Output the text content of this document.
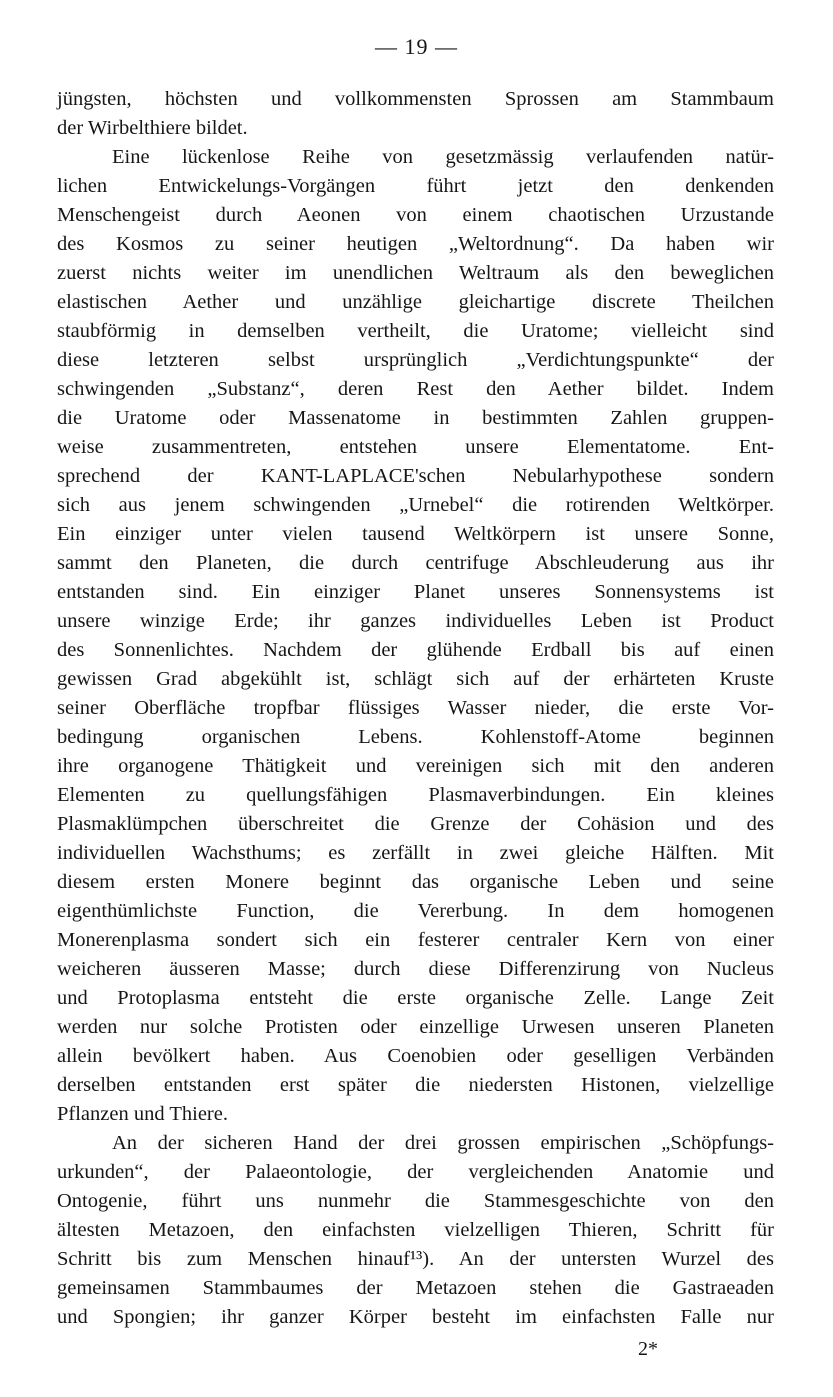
— 19 —
jüngsten, höchsten und vollkommensten Sprossen am Stammbaum
der Wirbelthiere bildet.
Eine lückenlose Reihe von gesetzmässig verlaufenden natür-
lichen Entwickelungs-Vorgängen führt jetzt den denkenden
Menschengeist durch Aeonen von einem chaotischen Urzustande
des Kosmos zu seiner heutigen „Weltordnung“. Da haben wir
zuerst nichts weiter im unendlichen Weltraum als den beweglichen
elastischen Aether und unzählige gleichartige discrete Theilchen
staubförmig in demselben vertheilt, die Uratome; vielleicht sind
diese letzteren selbst ursprünglich „Verdichtungspunkte“ der
schwingenden „Substanz“, deren Rest den Aether bildet. Indem
die Uratome oder Massenatome in bestimmten Zahlen gruppen-
weise zusammentreten, entstehen unsere Elementatome. Ent-
sprechend der KANT-LAPLACE'schen Nebularhypothese sondern
sich aus jenem schwingenden „Urnebel“ die rotirenden Weltkörper.
Ein einziger unter vielen tausend Weltkörpern ist unsere Sonne,
sammt den Planeten, die durch centrifuge Abschleuderung aus ihr
entstanden sind. Ein einziger Planet unseres Sonnensystems ist
unsere winzige Erde; ihr ganzes individuelles Leben ist Product
des Sonnenlichtes. Nachdem der glühende Erdball bis auf einen
gewissen Grad abgekühlt ist, schlägt sich auf der erhärteten Kruste
seiner Oberfläche tropfbar flüssiges Wasser nieder, die erste Vor-
bedingung organischen Lebens. Kohlenstoff-Atome beginnen
ihre organogene Thätigkeit und vereinigen sich mit den anderen
Elementen zu quellungsfähigen Plasmaverbindungen. Ein kleines
Plasmaklümpchen überschreitet die Grenze der Cohäsion und des
individuellen Wachsthums; es zerfällt in zwei gleiche Hälften. Mit
diesem ersten Monere beginnt das organische Leben und seine
eigenthümlichste Function, die Vererbung. In dem homogenen
Monerenplasma sondert sich ein festerer centraler Kern von einer
weicheren äusseren Masse; durch diese Differenzirung von Nucleus
und Protoplasma entsteht die erste organische Zelle. Lange Zeit
werden nur solche Protisten oder einzellige Urwesen unseren Planeten
allein bevölkert haben. Aus Coenobien oder geselligen Verbänden
derselben entstanden erst später die niedersten Histonen, vielzellige
Pflanzen und Thiere.
An der sicheren Hand der drei grossen empirischen „Schöpfungs-
urkunden“, der Palaeontologie, der vergleichenden Anatomie und
Ontogenie, führt uns nunmehr die Stammesgeschichte von den
ältesten Metazoen, den einfachsten vielzelligen Thieren, Schritt für
Schritt bis zum Menschen hinauf¹³). An der untersten Wurzel des
gemeinsamen Stammbaumes der Metazoen stehen die Gastraeaden
und Spongien; ihr ganzer Körper besteht im einfachsten Falle nur
2*
